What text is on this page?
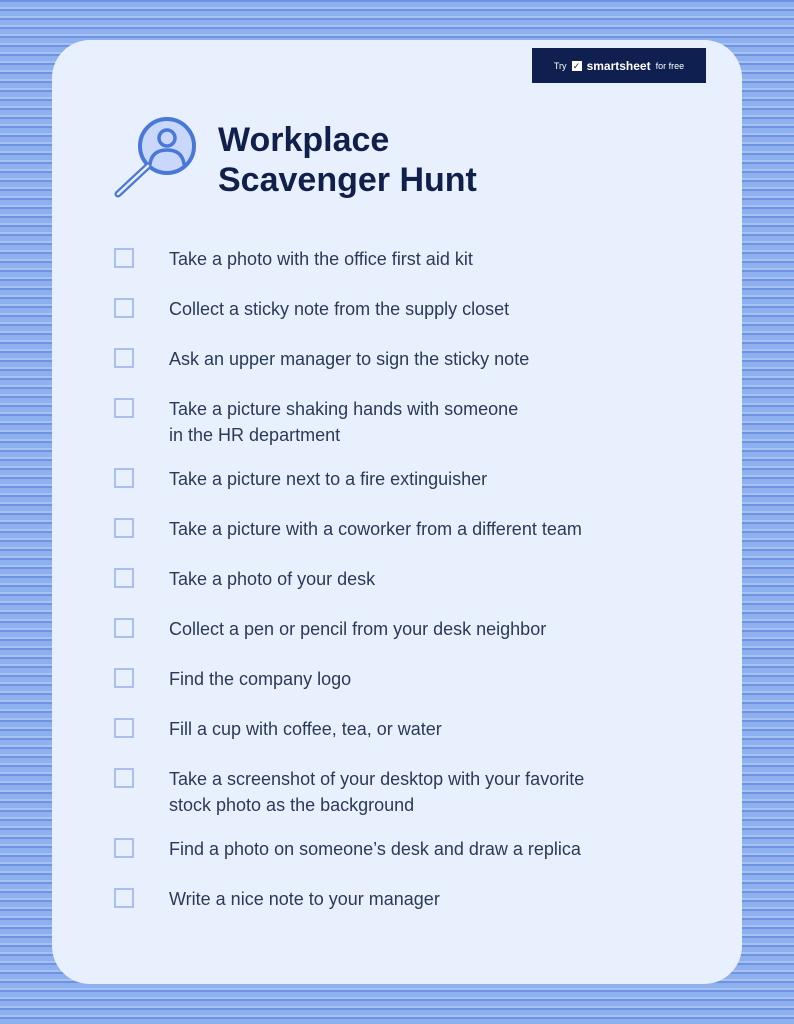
Try ✓ smartsheet for free
Workplace
Scavenger Hunt
Take a photo with the office first aid kit
Collect a sticky note from the supply closet
Ask an upper manager to sign the sticky note
Take a picture shaking hands with someone
in the HR department
Take a picture next to a fire extinguisher
Take a picture with a coworker from a different team
Take a photo of your desk
Collect a pen or pencil from your desk neighbor
Find the company logo
Fill a cup with coffee, tea, or water
Take a screenshot of your desktop with your favorite
stock photo as the background
Find a photo on someone’s desk and draw a replica
Write a nice note to your manager
